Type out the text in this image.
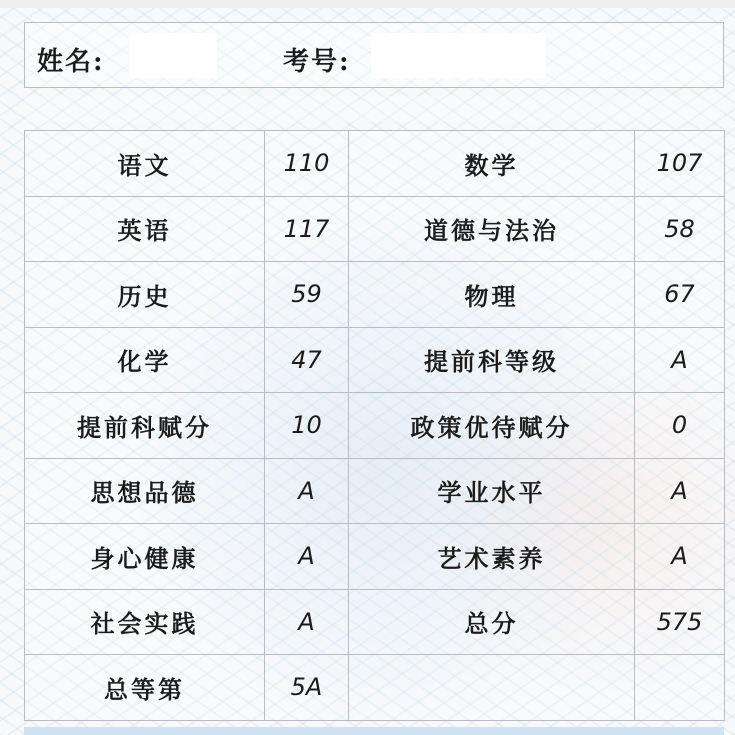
姓名:	考号:
语文	110	数学	107
英语	117	道德与法治	58
历史	59	物理	67
化学	47	提前科等级	A
提前科赋分	10	政策优待赋分	0
思想品德	A	学业水平	A
身心健康	A	艺术素养	A
社会实践	A	总分	575
总等第	5A		
